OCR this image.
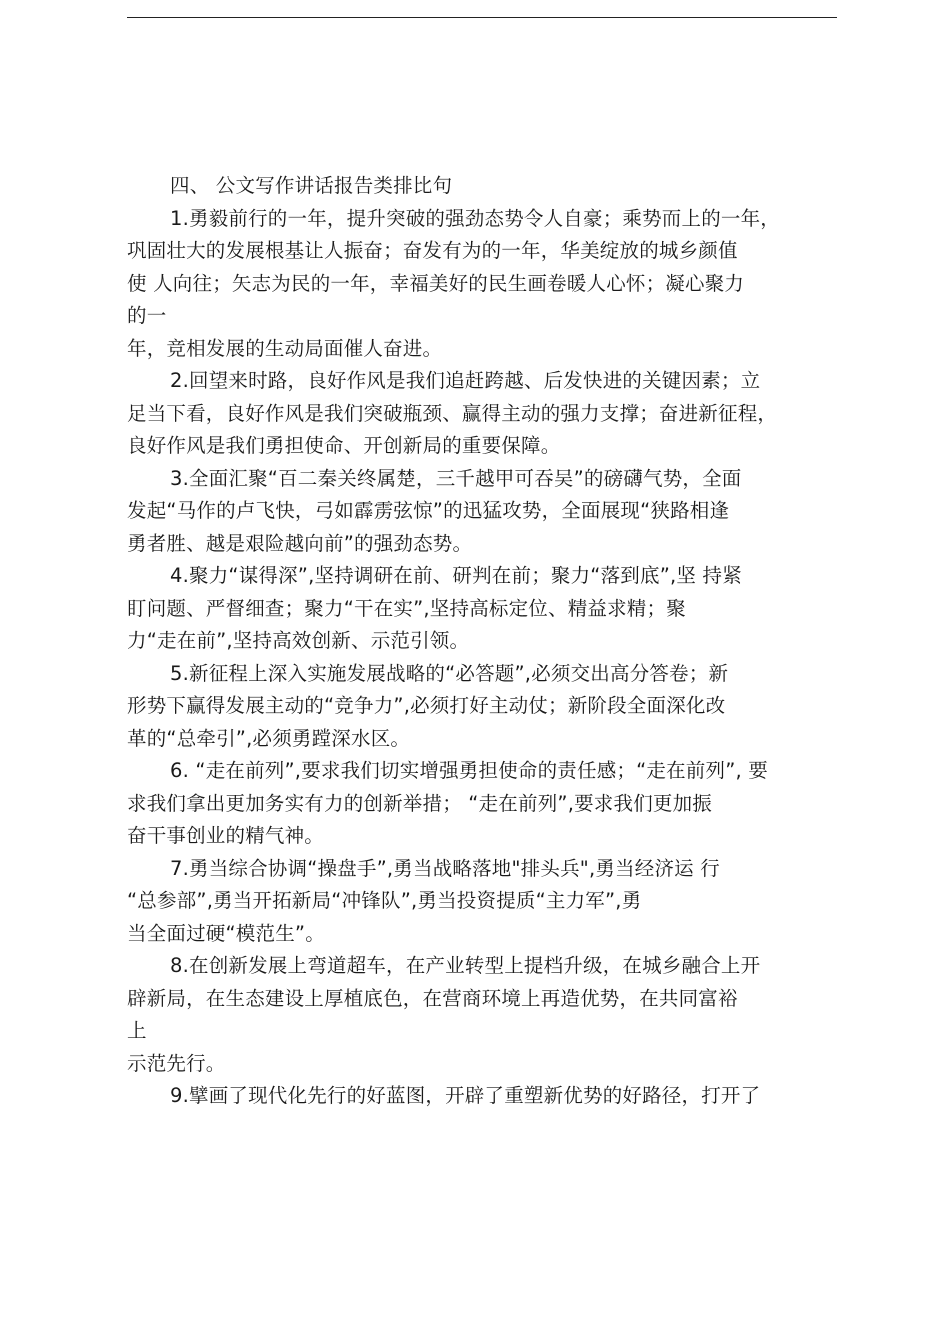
四、 公文写作讲话报告类排比句
1.勇毅前行的一年，提升突破的强劲态势令人自豪；乘势而上的一年，
巩固壮大的发展根基让人振奋；奋发有为的一年，华美绽放的城乡颜值
使 人向往；矢志为民的一年，幸福美好的民生画卷暖人心怀；凝心聚力
的一
年，竞相发展的生动局面催人奋进。
2.回望来时路，良好作风是我们追赶跨越、后发快进的关键因素；立
足当下看，良好作风是我们突破瓶颈、赢得主动的强力支撑；奋进新征程，
良好作风是我们勇担使命、开创新局的重要保障。
3.全面汇聚“百二秦关终属楚，三千越甲可吞吴”的磅礴气势，全面
发起“马作的卢飞快，弓如霹雳弦惊”的迅猛攻势，全面展现“狭路相逢
勇者胜、越是艰险越向前”的强劲态势。
4.聚力“谋得深”,坚持调研在前、研判在前；聚力“落到底”,坚 持紧
盯问题、严督细查；聚力“干在实”,坚持高标定位、精益求精；聚
力“走在前”,坚持高效创新、示范引领。
5.新征程上深入实施发展战略的“必答题”,必须交出高分答卷；新
形势下赢得发展主动的“竞争力”,必须打好主动仗；新阶段全面深化改
革的“总牵引”,必须勇蹚深水区。
6. “走在前列”,要求我们切实增强勇担使命的责任感；“走在前列”, 要
求我们拿出更加务实有力的创新举措； “走在前列”,要求我们更加振
奋干事创业的精气神。
7.勇当综合协调“操盘手”,勇当战略落地"排头兵",勇当经济运 行
“总参部”,勇当开拓新局“冲锋队”,勇当投资提质“主力军”,勇
当全面过硬“模范生”。
8.在创新发展上弯道超车，在产业转型上提档升级，在城乡融合上开
辟新局，在生态建设上厚植底色，在营商环境上再造优势，在共同富裕
上
示范先行。
9.擘画了现代化先行的好蓝图，开辟了重塑新优势的好路径，打开了
